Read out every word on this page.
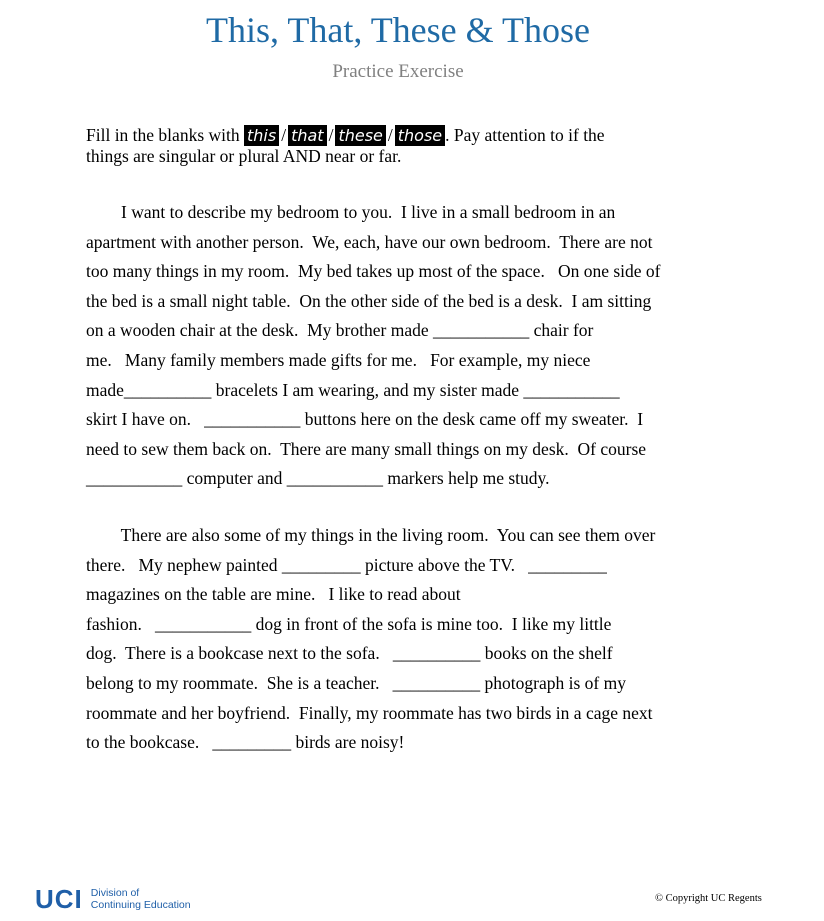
This, That, These & Those
Practice Exercise
Fill in the blanks with this / that / these / those . Pay attention to if the
things are singular or plural AND near or far.
I want to describe my bedroom to you.  I live in a small bedroom in an
apartment with another person.  We, each, have our own bedroom.  There are not
too many things in my room.  My bed takes up most of the space.   On one side of
the bed is a small night table.  On the other side of the bed is a desk.  I am sitting
on a wooden chair at the desk.  My brother made ___________ chair for
me.   Many family members made gifts for me.   For example, my niece
made__________ bracelets I am wearing, and my sister made ___________
skirt I have on.   ___________ buttons here on the desk came off my sweater.  I
need to sew them back on.  There are many small things on my desk.  Of course
___________ computer and ___________ markers help me study.
There are also some of my things in the living room.  You can see them over
there.   My nephew painted _________ picture above the TV.   _________
magazines on the table are mine.   I like to read about
fashion.   ___________ dog in front of the sofa is mine too.  I like my little
dog.  There is a bookcase next to the sofa.   __________ books on the shelf
belong to my roommate.  She is a teacher.   __________ photograph is of my
roommate and her boyfriend.  Finally, my roommate has two birds in a cage next
to the bookcase.   _________ birds are noisy!
UCI Division of
Continuing Education
© Copyright UC Regents
